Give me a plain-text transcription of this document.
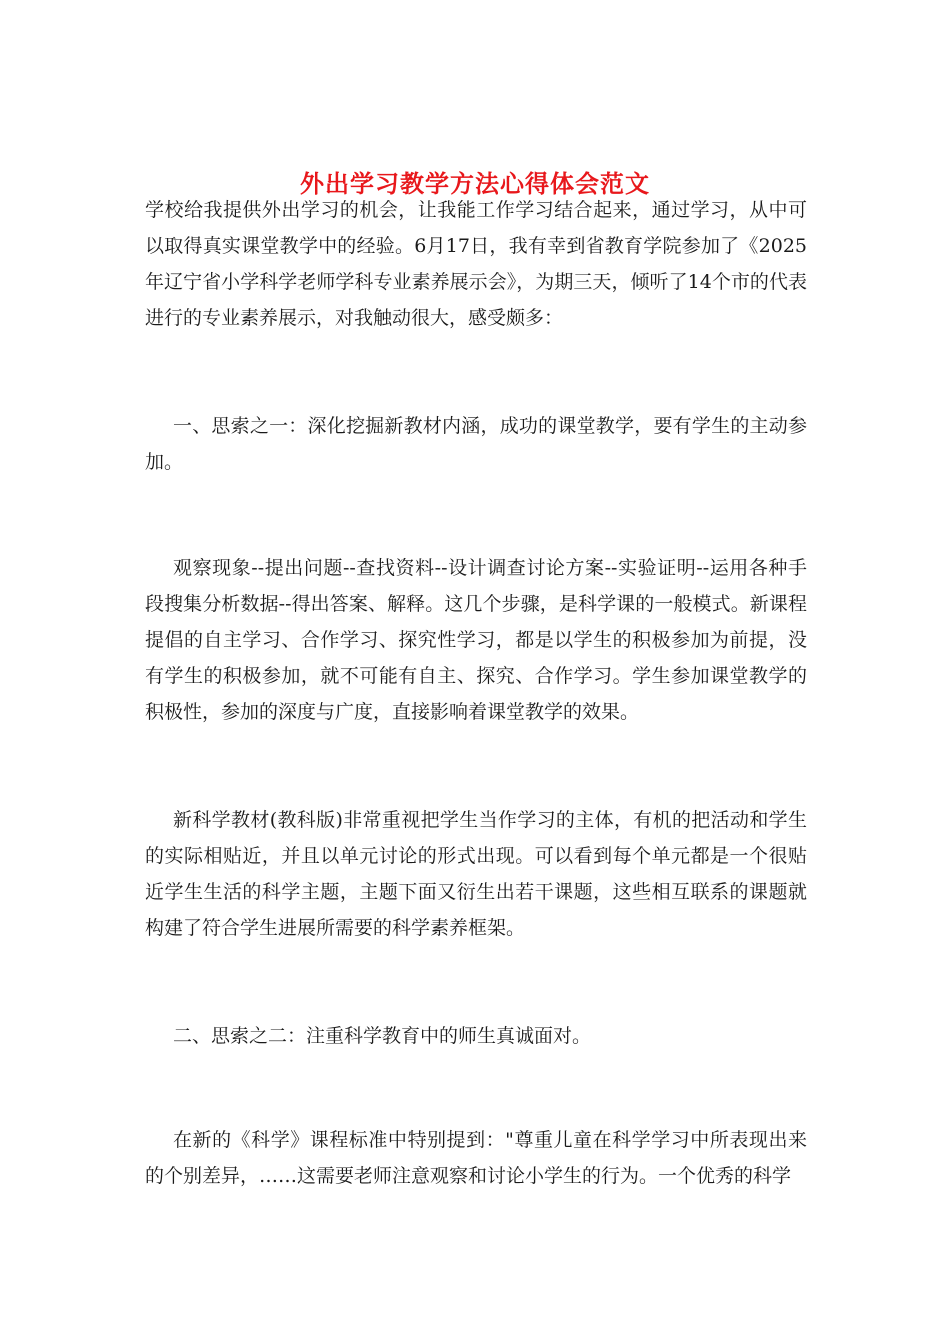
外出学习教学方法心得体会范文

学校给我提供外出学习的机会，让我能工作学习结合起来，通过学习，从中可以取得真实课堂教学中的经验。6月17日，我有幸到省教育学院参加了《2025年辽宁省小学科学老师学科专业素养展示会》，为期三天，倾听了14个市的代表进行的专业素养展示，对我触动很大，感受颇多：

一、思索之一：深化挖掘新教材内涵，成功的课堂教学，要有学生的主动参加。

观察现象--提出问题--查找资料--设计调查讨论方案--实验证明--运用各种手段搜集分析数据--得出答案、解释。这几个步骤，是科学课的一般模式。新课程提倡的自主学习、合作学习、探究性学习，都是以学生的积极参加为前提，没有学生的积极参加，就不可能有自主、探究、合作学习。学生参加课堂教学的积极性，参加的深度与广度，直接影响着课堂教学的效果。

新科学教材(教科版)非常重视把学生当作学习的主体，有机的把活动和学生的实际相贴近，并且以单元讨论的形式出现。可以看到每个单元都是一个很贴近学生生活的科学主题，主题下面又衍生出若干课题，这些相互联系的课题就构建了符合学生进展所需要的科学素养框架。

二、思索之二：注重科学教育中的师生真诚面对。

在新的《科学》课程标准中特别提到："尊重儿童在科学学习中所表现出来的个别差异，……这需要老师注意观察和讨论小学生的行为。一个优秀的科学
